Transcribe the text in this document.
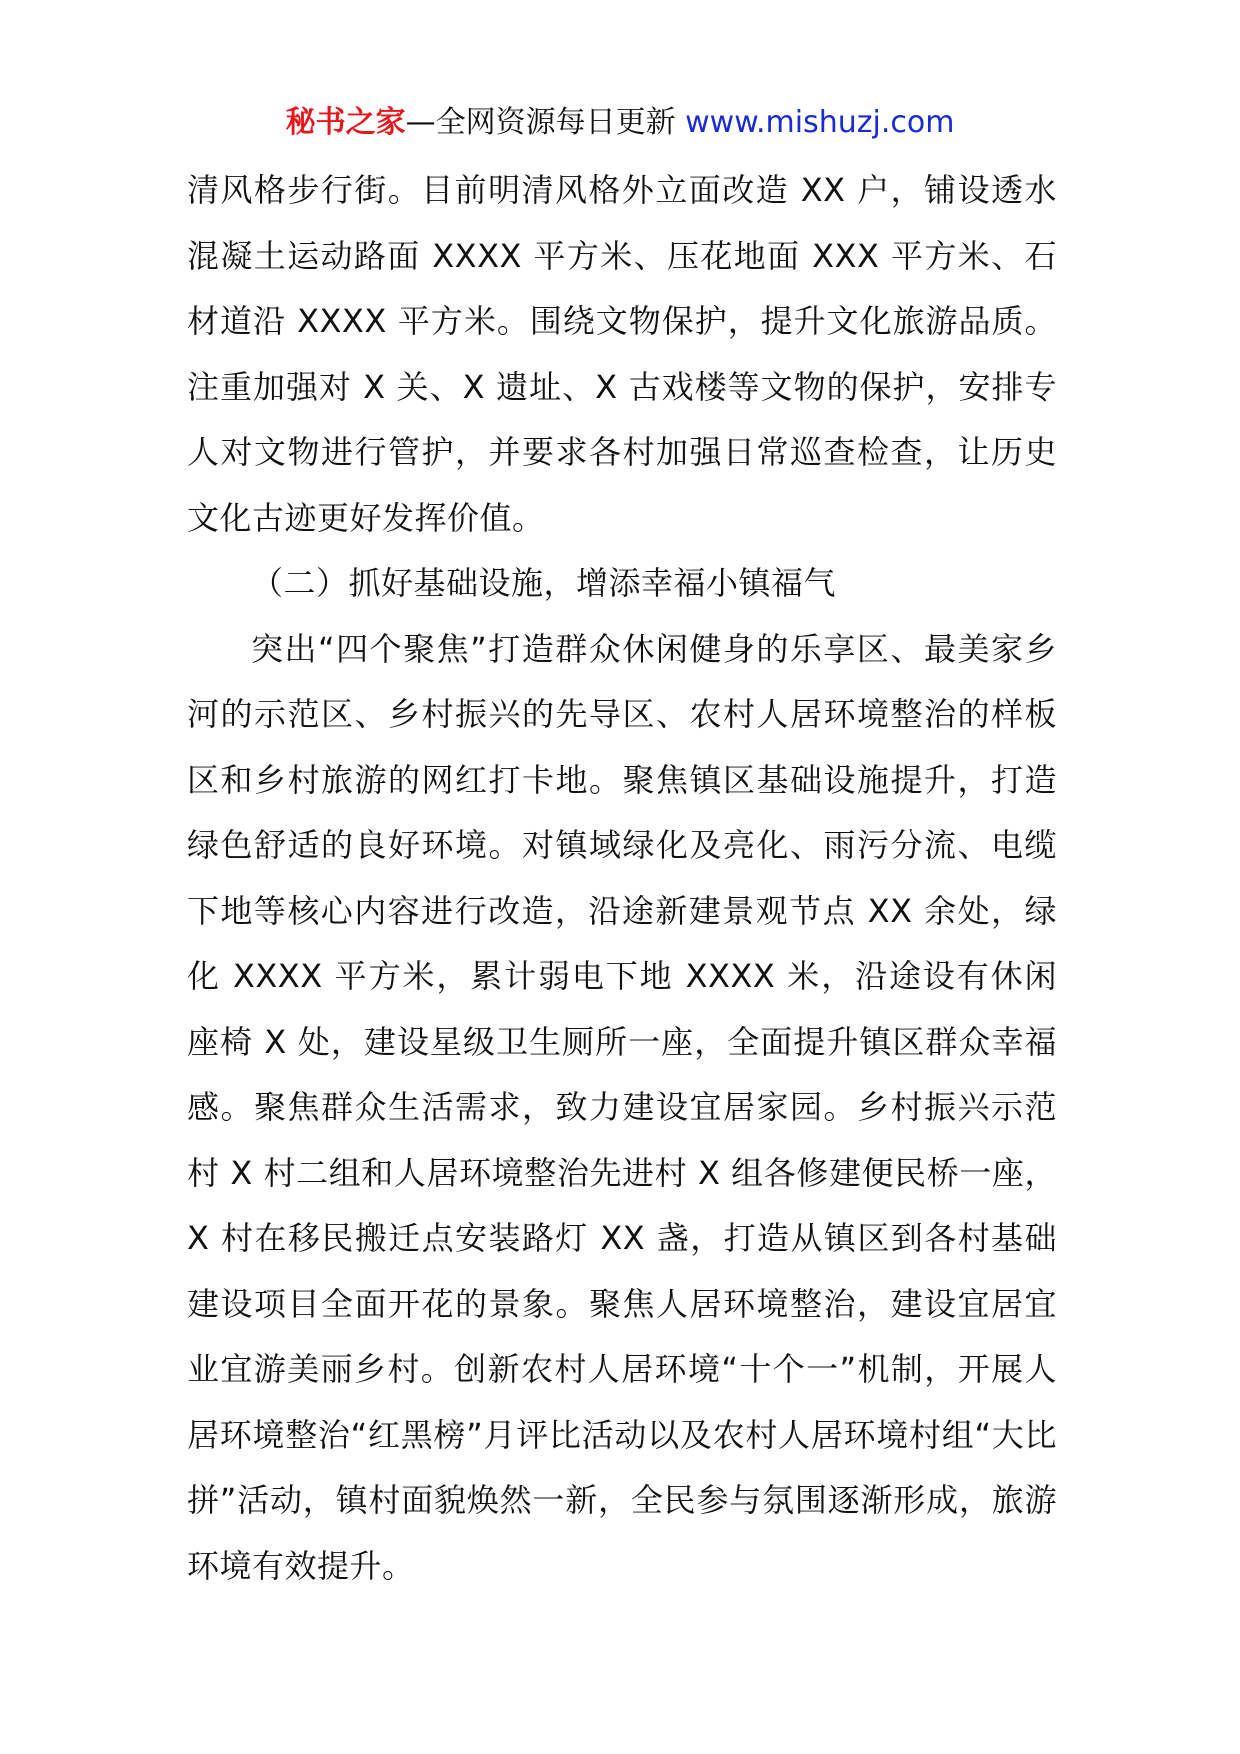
秘书之家—全网资源每日更新 www.mishuzj.com

清风格步行街。目前明清风格外立面改造 XX 户，铺设透水混凝土运动路面 XXXX 平方米、压花地面 XXX 平方米、石材道沿 XXXX 平方米。围绕文物保护，提升文化旅游品质。注重加强对 X 关、X 遗址、X 古戏楼等文物的保护，安排专人对文物进行管护，并要求各村加强日常巡查检查，让历史文化古迹更好发挥价值。

（二）抓好基础设施，增添幸福小镇福气

突出“四个聚焦”打造群众休闲健身的乐享区、最美家乡河的示范区、乡村振兴的先导区、农村人居环境整治的样板区和乡村旅游的网红打卡地。聚焦镇区基础设施提升，打造绿色舒适的良好环境。对镇域绿化及亮化、雨污分流、电缆下地等核心内容进行改造，沿途新建景观节点 XX 余处，绿化 XXXX 平方米，累计弱电下地 XXXX 米，沿途设有休闲座椅 X 处，建设星级卫生厕所一座，全面提升镇区群众幸福感。聚焦群众生活需求，致力建设宜居家园。乡村振兴示范村 X 村二组和人居环境整治先进村 X 组各修建便民桥一座，X 村在移民搬迁点安装路灯 XX 盏，打造从镇区到各村基础建设项目全面开花的景象。聚焦人居环境整治，建设宜居宜业宜游美丽乡村。创新农村人居环境“十个一”机制，开展人居环境整治“红黑榜”月评比活动以及农村人居环境村组“大比拼”活动，镇村面貌焕然一新，全民参与氛围逐渐形成，旅游环境有效提升。
